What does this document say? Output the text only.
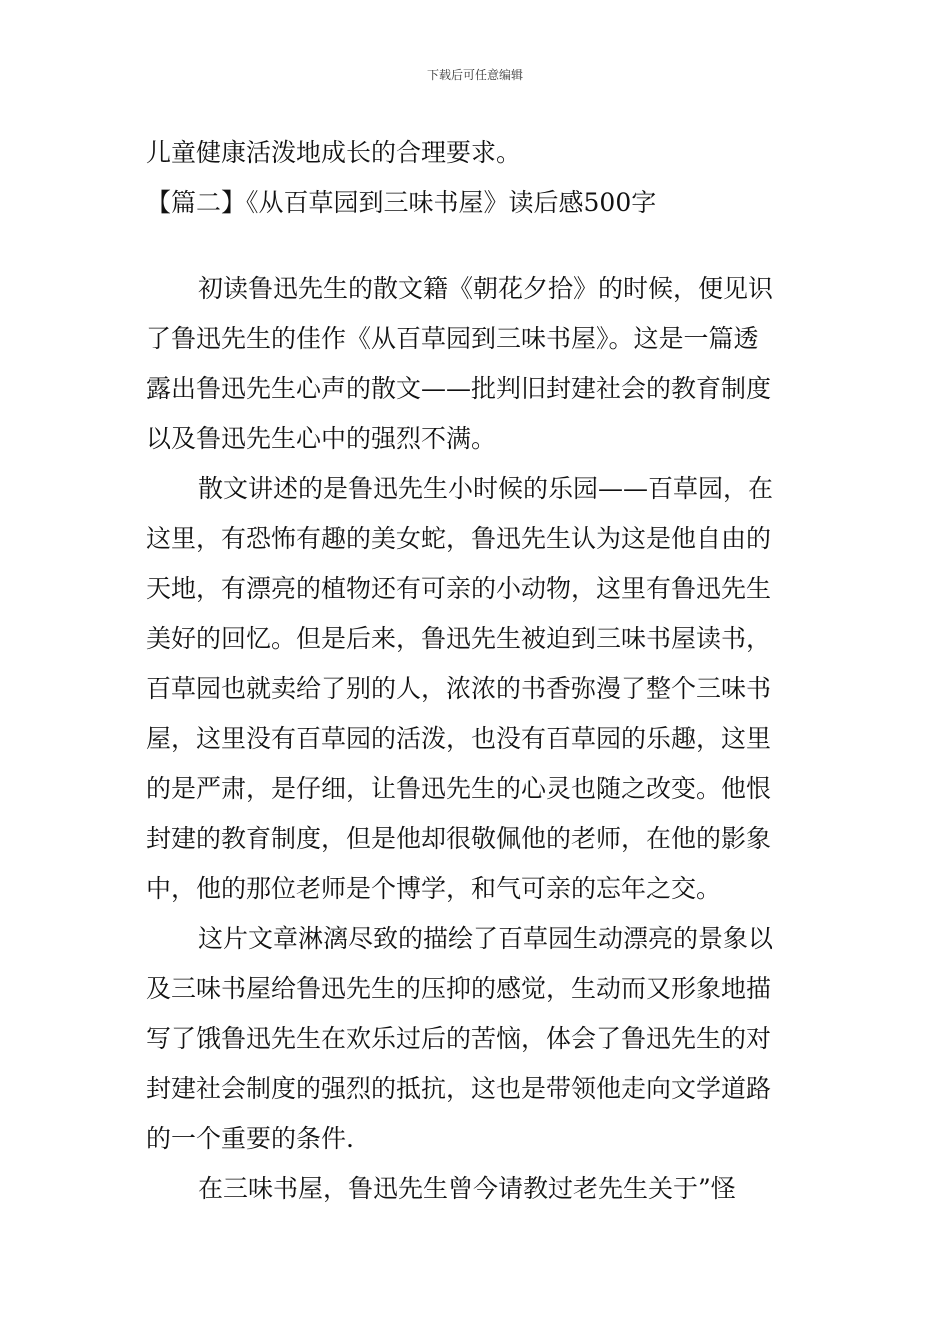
下载后可任意编辑
儿童健康活泼地成长的合理要求。
【篇二】《从百草园到三味书屋》读后感500字
初读鲁迅先生的散文籍《朝花夕拾》的时候，便见识
了鲁迅先生的佳作《从百草园到三味书屋》。这是一篇透
露出鲁迅先生心声的散文——批判旧封建社会的教育制度
以及鲁迅先生心中的强烈不满。
散文讲述的是鲁迅先生小时候的乐园——百草园，在
这里，有恐怖有趣的美女蛇，鲁迅先生认为这是他自由的
天地，有漂亮的植物还有可亲的小动物，这里有鲁迅先生
美好的回忆。但是后来，鲁迅先生被迫到三味书屋读书，
百草园也就卖给了别的人，浓浓的书香弥漫了整个三味书
屋，这里没有百草园的活泼，也没有百草园的乐趣，这里
的是严肃，是仔细，让鲁迅先生的心灵也随之改变。他恨
封建的教育制度，但是他却很敬佩他的老师，在他的影象
中，他的那位老师是个博学，和气可亲的忘年之交。
这片文章淋漓尽致的描绘了百草园生动漂亮的景象以
及三味书屋给鲁迅先生的压抑的感觉，生动而又形象地描
写了饿鲁迅先生在欢乐过后的苦恼，体会了鲁迅先生的对
封建社会制度的强烈的抵抗，这也是带领他走向文学道路
的一个重要的条件.
在三味书屋，鲁迅先生曾今请教过老先生关于”怪
